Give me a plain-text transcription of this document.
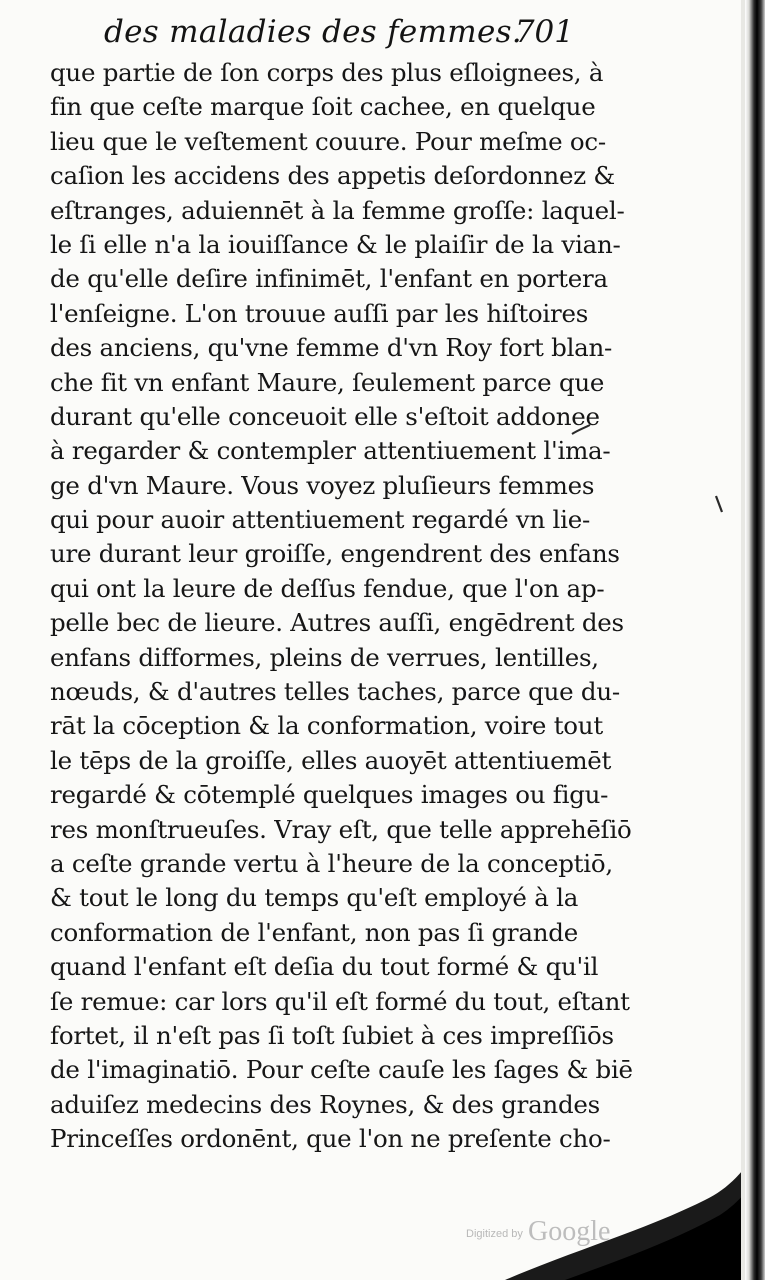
des maladies des femmes.
701
que partie de ſon corps des plus eſloignees, à
fin que ceſte marque ſoit cachee, en quelque
lieu que le veſtement couure. Pour meſme oc-
caſion les accidens des appetis deſordonnez &
eſtranges, aduiennēt à la femme groſſe: laquel-
le ſi elle n'a la iouiſſance & le plaiſir de la vian-
de qu'elle deſire infinimēt, l'enfant en portera
l'enſeigne. L'on trouue auſſi par les hiſtoires
des anciens, qu'vne femme d'vn Roy fort blan-
che fit vn enfant Maure, ſeulement parce que
durant qu'elle conceuoit elle s'eſtoit addonee
à regarder & contempler attentiuement l'ima-
ge d'vn Maure. Vous voyez pluſieurs femmes
qui pour auoir attentiuement regardé vn lie-
ure durant leur groiſſe, engendrent des enfans
qui ont la leure de deſſus fendue, que l'on ap-
pelle bec de lieure. Autres auſſi, engēdrent des
enfans difformes, pleins de verrues, lentilles,
nœuds, & d'autres telles taches, parce que du-
rāt la cōception & la conformation, voire tout
le tēps de la groiſſe, elles auoyēt attentiuemēt
regardé & cōtemplé quelques images ou figu-
res monſtrueuſes. Vray eſt, que telle apprehēſiō
a ceſte grande vertu à l'heure de la conceptiō,
& tout le long du temps qu'eſt employé à la
conformation de l'enfant, non pas ſi grande
quand l'enfant eſt deſia du tout formé & qu'il
ſe remue: car lors qu'il eſt formé du tout, eſtant
fortet, il n'eſt pas ſi toſt ſubiet à ces impreſſiōs
de l'imaginatiō. Pour ceſte cauſe les ſages & biē
aduiſez medecins des Roynes, & des grandes
Princeſſes ordonēnt, que l'on ne preſente cho-
Digitized by Google
